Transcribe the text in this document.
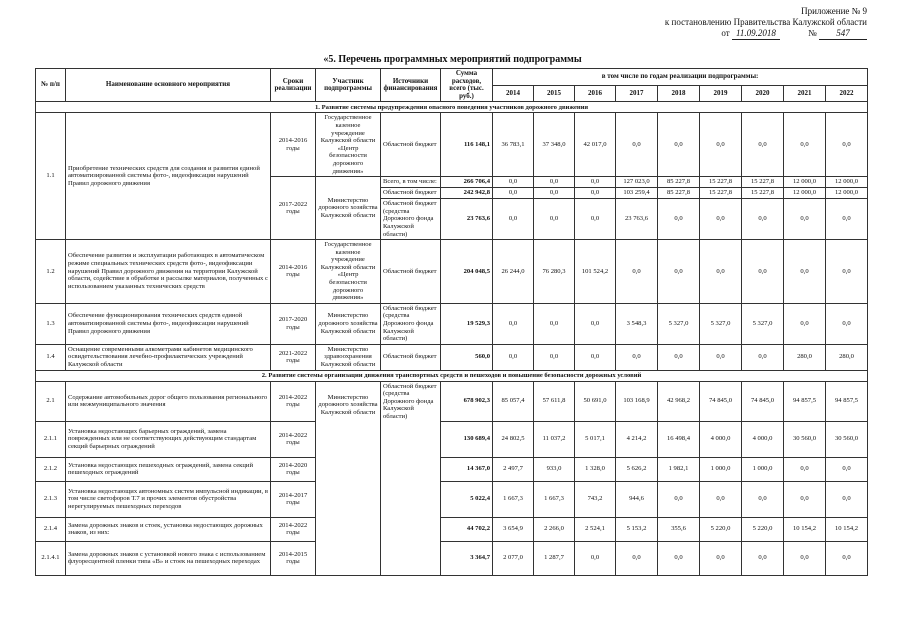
Приложение № 9
к постановлению Правительства Калужской области
от 11.09.2018	№ 547
«5. Перечень программных мероприятий подпрограммы
№ п/п	Наименование основного мероприятия	Сроки реализации	Участник подпрограммы	Источники финансирования	Сумма расходов, всего (тыс. руб.)	в том числе по годам реализации подпрограммы:								
						2014	2015	2016	2017	2018	2019	2020	2021	2022
1. Развитие системы предупреждения опасного поведения участников дорожного движения														
1.1	Приобретение технических средств для создания и развития единой автоматизированной системы фото-, видеофиксации нарушений Правил дорожного движения	2014-2016 годы	Государственное казенное учреждение Калужской области «Центр безопасности дорожного движения»	Областной бюджет	116 148,1	36 783,1	37 348,0	42 017,0	0,0	0,0	0,0	0,0	0,0	0,0
		2017-2022 годы	Министерство дорожного хозяйства Калужской области	Всего, в том числе:	266 706,4	0,0	0,0	0,0	127 023,0	85 227,8	15 227,8	15 227,8	12 000,0	12 000,0
				Областной бюджет	242 942,8	0,0	0,0	0,0	103 259,4	85 227,8	15 227,8	15 227,8	12 000,0	12 000,0
				Областной бюджет (средства Дорожного фонда Калужской области)	23 763,6	0,0	0,0	0,0	23 763,6	0,0	0,0	0,0	0,0	0,0
1.2	Обеспечение развития и эксплуатации работающих в автоматическом режиме специальных технических средств фото-, видеофиксации нарушений Правил дорожного движения на территории Калужской области, содействие в обработке и рассылке материалов, полученных с использованием указанных технических средств	2014-2016 годы	Государственное казенное учреждение Калужской области «Центр безопасности дорожного движения»	Областной бюджет	204 048,5	26 244,0	76 280,3	101 524,2	0,0	0,0	0,0	0,0	0,0	0,0
1.3	Обеспечение функционирования технических средств единой автоматизированной системы фото-, видеофиксации нарушений Правил дорожного движения	2017-2020 годы	Министерство дорожного хозяйства Калужской области	Областной бюджет (средства Дорожного фонда Калужской области)	19 529,3	0,0	0,0	0,0	3 548,3	5 327,0	5 327,0	5 327,0	0,0	0,0
1.4	Оснащение современными алкометрами кабинетов медицинского освидетельствования лечебно-профилактических учреждений Калужской области	2021-2022 годы	Министерство здравоохранения Калужской области	Областной бюджет	560,0	0,0	0,0	0,0	0,0	0,0	0,0	0,0	280,0	280,0
2. Развитие системы организации движения транспортных средств и пешеходов и повышение безопасности дорожных условий														
2.1	Содержание автомобильных дорог общего пользования регионального или межмуниципального значения	2014-2022 годы	Министерство дорожного хозяйства Калужской области	Областной бюджет (средства Дорожного фонда Калужской области)	678 902,3	85 057,4	57 611,8	50 691,0	103 168,9	42 968,2	74 845,0	74 845,0	94 857,5	94 857,5
2.1.1	Установка недостающих барьерных ограждений, замена поврежденных или не соответствующих действующим стандартам секций барьерных ограждений	2014-2022 годы			130 689,4	24 802,5	11 037,2	5 017,1	4 214,2	16 498,4	4 000,0	4 000,0	30 560,0	30 560,0
2.1.2	Установка недостающих пешеходных ограждений, замена секций пешеходных ограждений	2014-2020 годы			14 367,0	2 497,7	933,0	1 328,0	5 626,2	1 982,1	1 000,0	1 000,0	0,0	0,0
2.1.3	Установка недостающих автономных систем импульсной индикации, в том числе светофоров Т.7 и прочих элементов обустройства нерегулируемых пешеходных переходов	2014-2017 годы			5 022,4	1 667,3	1 667,3	743,2	944,6	0,0	0,0	0,0	0,0	0,0
2.1.4	Замена дорожных знаков и стоек, установка недостающих дорожных знаков, из них:	2014-2022 годы			44 702,2	3 654,9	2 266,0	2 524,1	5 153,2	355,6	5 220,0	5 220,0	10 154,2	10 154,2
2.1.4.1	Замена дорожных знаков с установкой нового знака с использованием флуоресцентной пленки типа «В» и стоек на пешеходных переходах	2014-2015 годы			3 364,7	2 077,0	1 287,7	0,0	0,0	0,0	0,0	0,0	0,0	0,0
